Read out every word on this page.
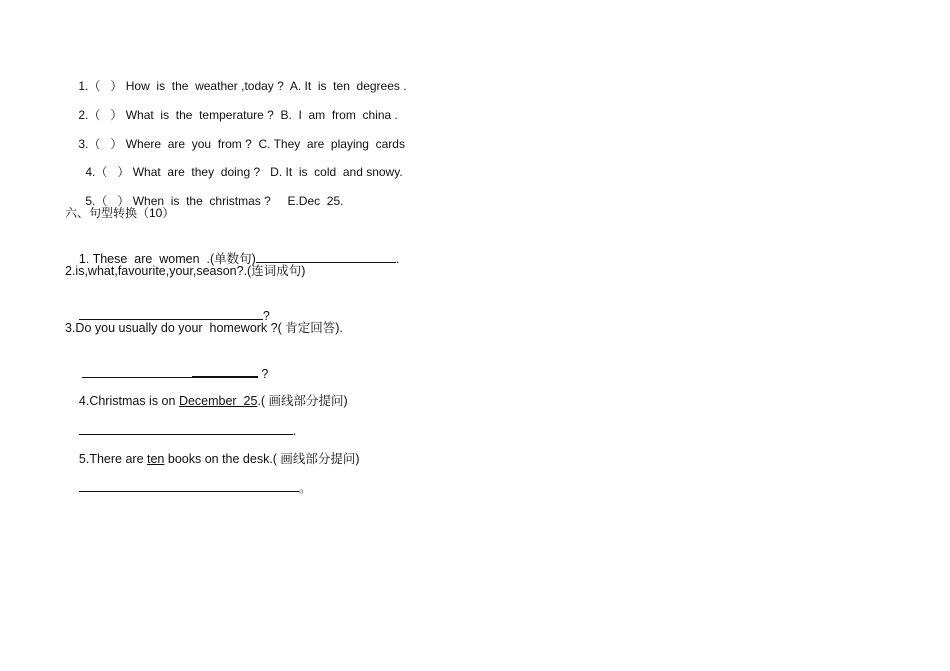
1.（ ） How  is  the  weather ,today ? A. It  is  ten  degrees .

2.（ ） What  is  the  temperature ? B.  I  am  from  china .

3.（ ） Where  are  you  from ? C. They  are  playing  cards

4.（ ） What  are  they  doing ? D. It  is  cold  and snowy.

5.（ ） When  is  the  christmas ? E.Dec  25.

六、句型转换（10）

1. These  are  women  .(单数句)	.

2.is,what,favourite,your,season?.(连词成句)

?

3.Do you usually do your  homework ?( 肯定回答).

?

4.Christmas is on December  25.( 画线部分提问)

.

5.There are ten books on the desk.( 画线部分提问)

。
